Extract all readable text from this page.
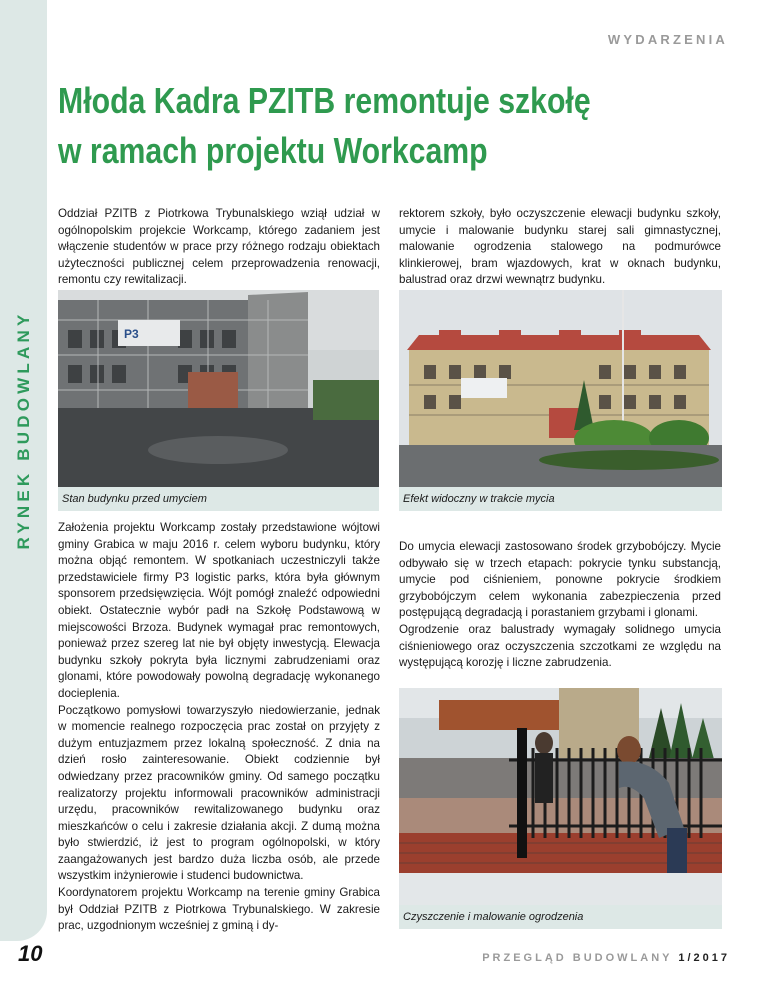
RYNEK BUDOWLANY
WYDARZENIA
Młoda Kadra PZITB remontuje szkołę
w ramach projektu Workcamp

Oddział PZITB z Piotrkowa Trybunalskiego wziął udział w ogólnopolskim projekcie Workcamp, którego zadaniem jest włączenie studentów w prace przy różnego rodzaju obiektach użyteczności publicznej celem przeprowadzenia renowacji, remontu czy rewitalizacji.

rektorem szkoły, było oczyszczenie elewacji budynku szkoły, umycie i malowanie budynku starej sali gimnastycznej, malowanie ogrodzenia stalowego na podmurówce klinkierowej, bram wjazdowych, krat w oknach budynku, balustrad oraz drzwi wewnątrz budynku.

P3
Stan budynku przed umyciem	Efekt widoczny w trakcie mycia

Założenia projektu Workcamp zostały przedstawione wójtowi gminy Grabica w maju 2016 r. celem wyboru budynku, który można objąć remontem. W spotkaniach uczestniczyli także przedstawiciele firmy P3 logistic parks, która była głównym sponsorem przedsięwzięcia. Wójt pomógł znaleźć odpowiedni obiekt. Ostatecznie wybór padł na Szkołę Podstawową w miejscowości Brzoza. Budynek wymagał prac remontowych, ponieważ przez szereg lat nie był objęty inwestycją. Elewacja budynku szkoły pokryta była licznymi zabrudzeniami oraz glonami, które powodowały powolną degradację wykonanego docieplenia.
Początkowo pomysłowi towarzyszyło niedowierzanie, jednak w momencie realnego rozpoczęcia prac został on przyjęty z dużym entuzjazmem przez lokalną społeczność. Z dnia na dzień rosło zainteresowanie. Obiekt codziennie był odwiedzany przez pracowników gminy. Od samego początku realizatorzy projektu informowali pracowników administracji urzędu, pracowników rewitalizowanego budynku oraz mieszkańców o celu i zakresie działania akcji. Z dumą można było stwierdzić, iż jest to program ogólnopolski, w który zaangażowanych jest bardzo duża liczba osób, ale przede wszystkim inżynierowie i studenci budownictwa.
Koordynatorem projektu Workcamp na terenie gminy Grabica był Oddział PZITB z Piotrkowa Trybunalskiego. W zakresie prac, uzgodnionym wcześniej z gminą i dy-

Do umycia elewacji zastosowano środek grzybobójczy. Mycie odbywało się w trzech etapach: pokrycie tynku substancją, umycie pod ciśnieniem, ponowne pokrycie środkiem grzybobójczym celem wykonania zabezpieczenia przed postępującą degradacją i porastaniem grzybami i glonami.
Ogrodzenie oraz balustrady wymagały solidnego umycia ciśnieniowego oraz oczyszczenia szczotkami ze względu na występującą korozję i liczne zabrudzenia.

Czyszczenie i malowanie ogrodzenia
10	PRZEGLĄD BUDOWLANY 1/2017
